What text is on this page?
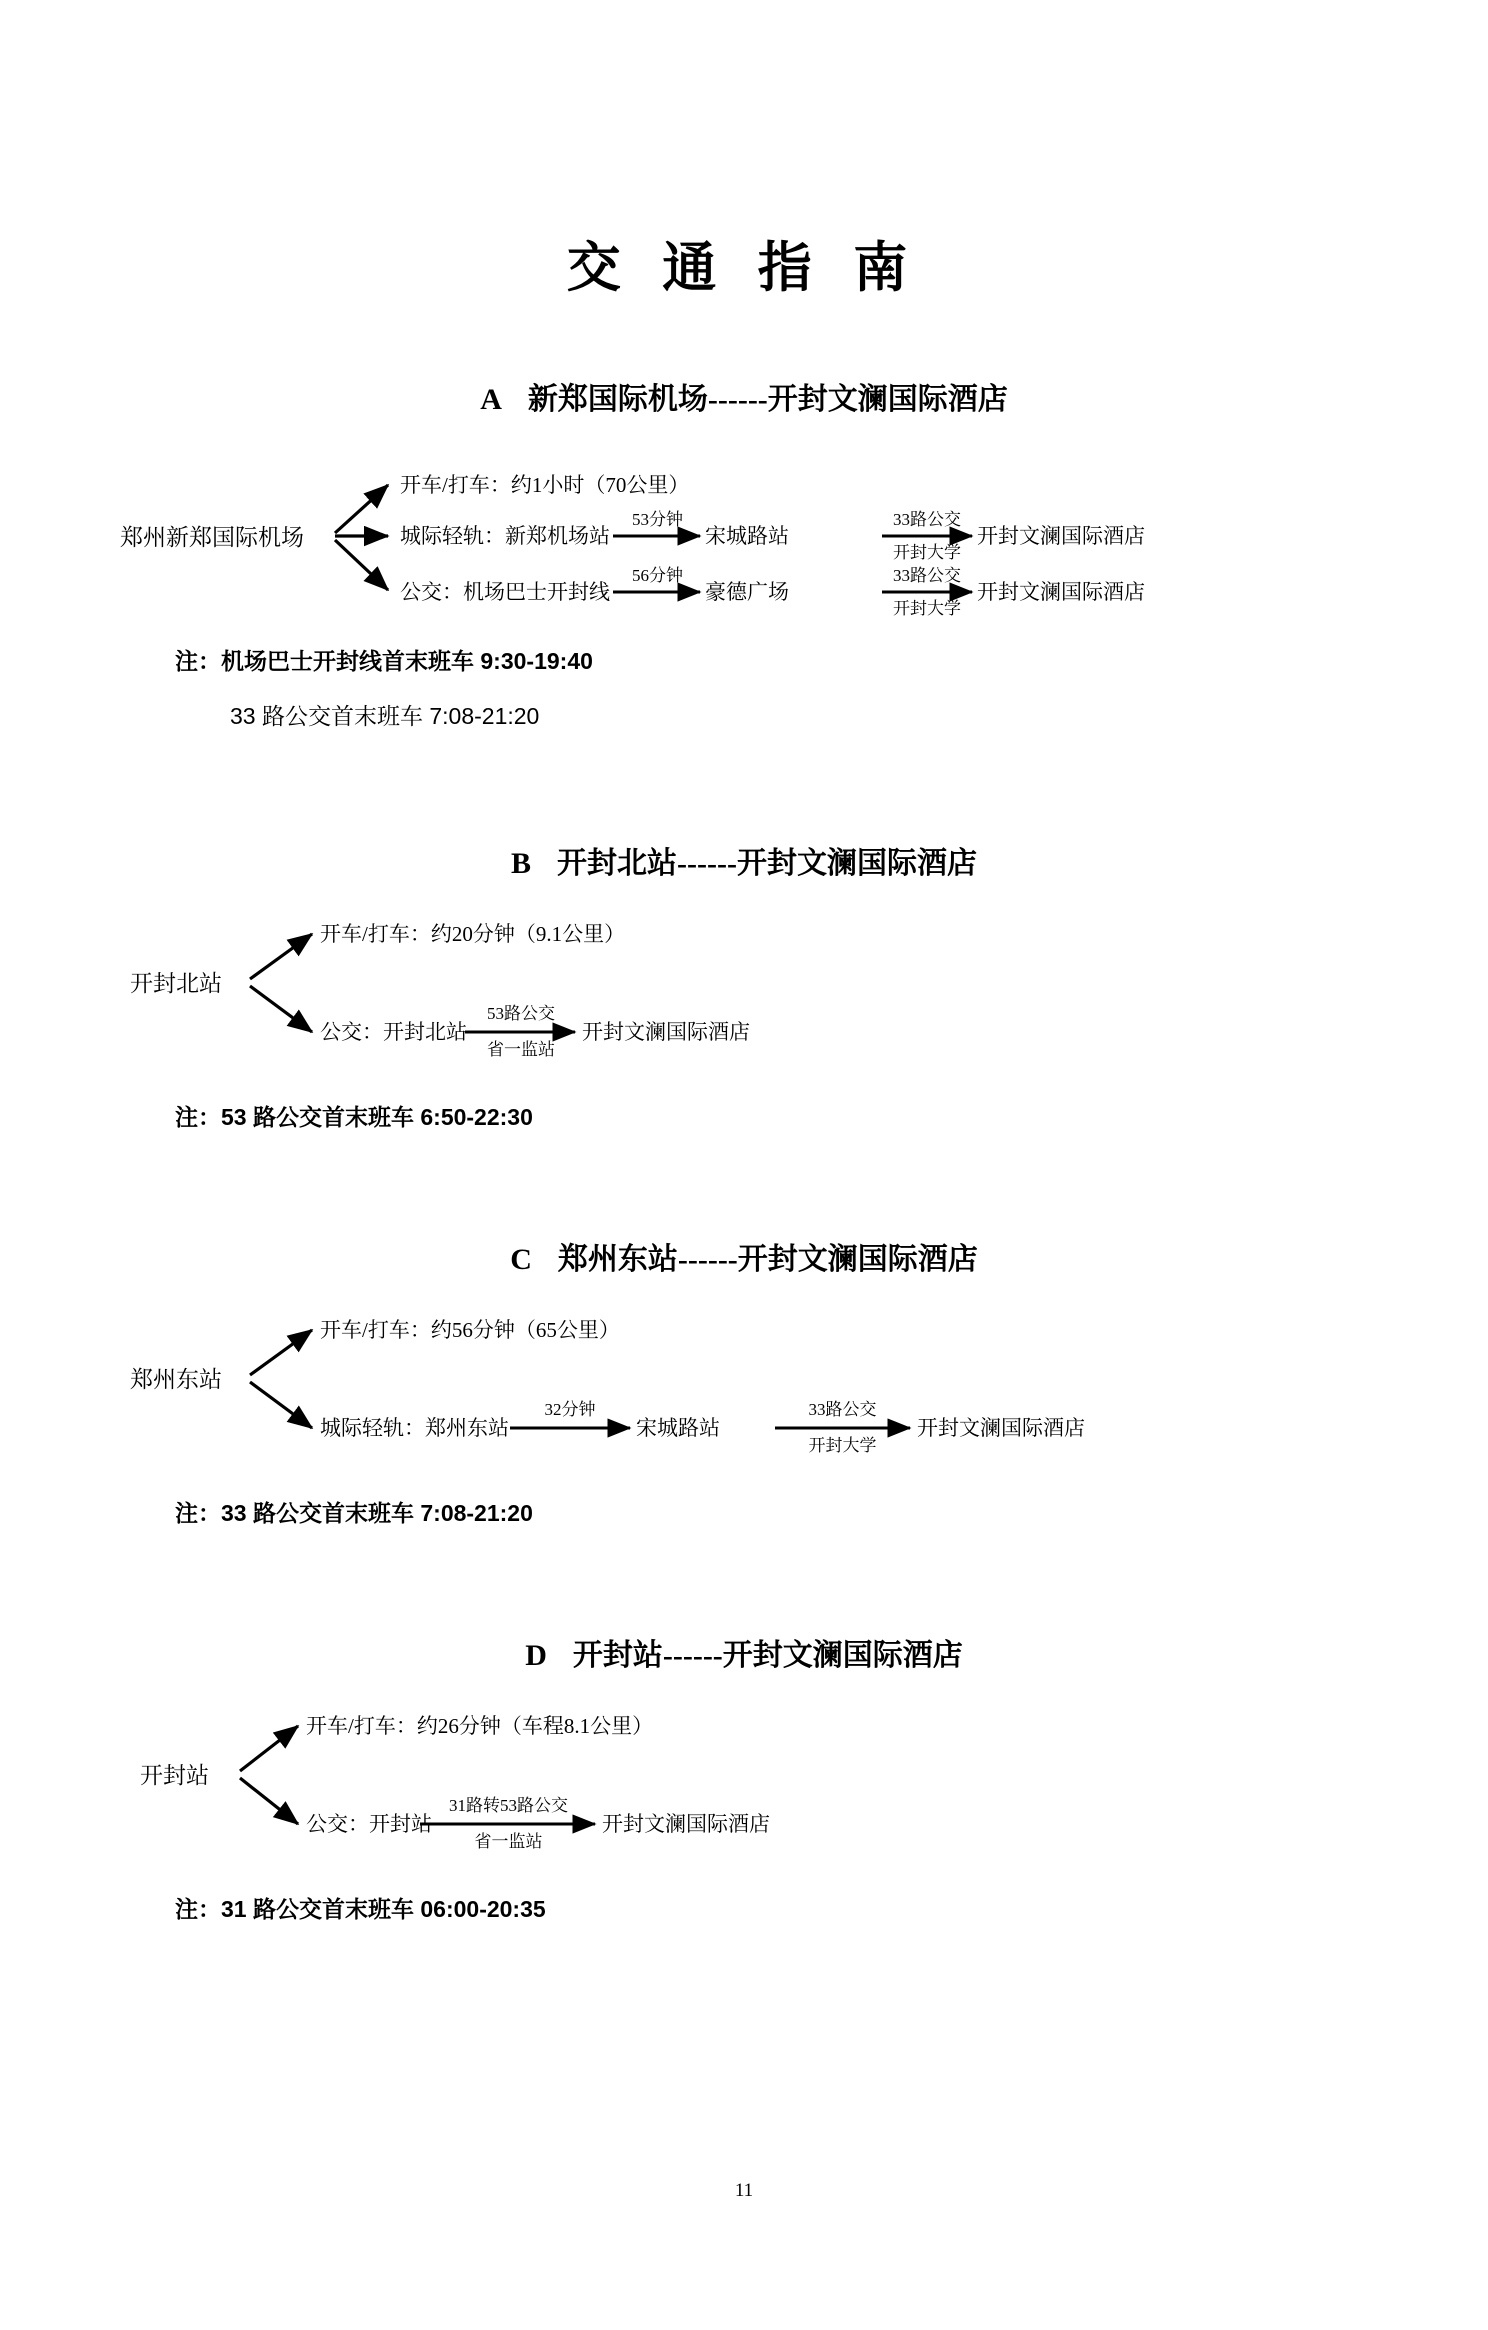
交 通 指 南
A 新郑国际机场------开封文澜国际酒店
郑州新郑国际机场
开车/打车：约1小时（70公里）
城际轻轨：新郑机场站
53分钟
宋城路站
33路公交
开封大学
开封文澜国际酒店
公交：机场巴士开封线
56分钟
豪德广场
33路公交
开封大学
开封文澜国际酒店
注：机场巴士开封线首末班车 9:30-19:40
33 路公交首末班车 7:08-21:20
B 开封北站------开封文澜国际酒店
开封北站
开车/打车：约20分钟（9.1公里）
公交：开封北站
53路公交
省一监站
开封文澜国际酒店
注：53 路公交首末班车 6:50-22:30
C 郑州东站------开封文澜国际酒店
郑州东站
开车/打车：约56分钟（65公里）
城际轻轨：郑州东站
32分钟
宋城路站
33路公交
开封大学
开封文澜国际酒店
注：33 路公交首末班车 7:08-21:20
D 开封站------开封文澜国际酒店
开封站
开车/打车：约26分钟（车程8.1公里）
公交：开封站
31路转53路公交
省一监站
开封文澜国际酒店
注：31 路公交首末班车 06:00-20:35
11
